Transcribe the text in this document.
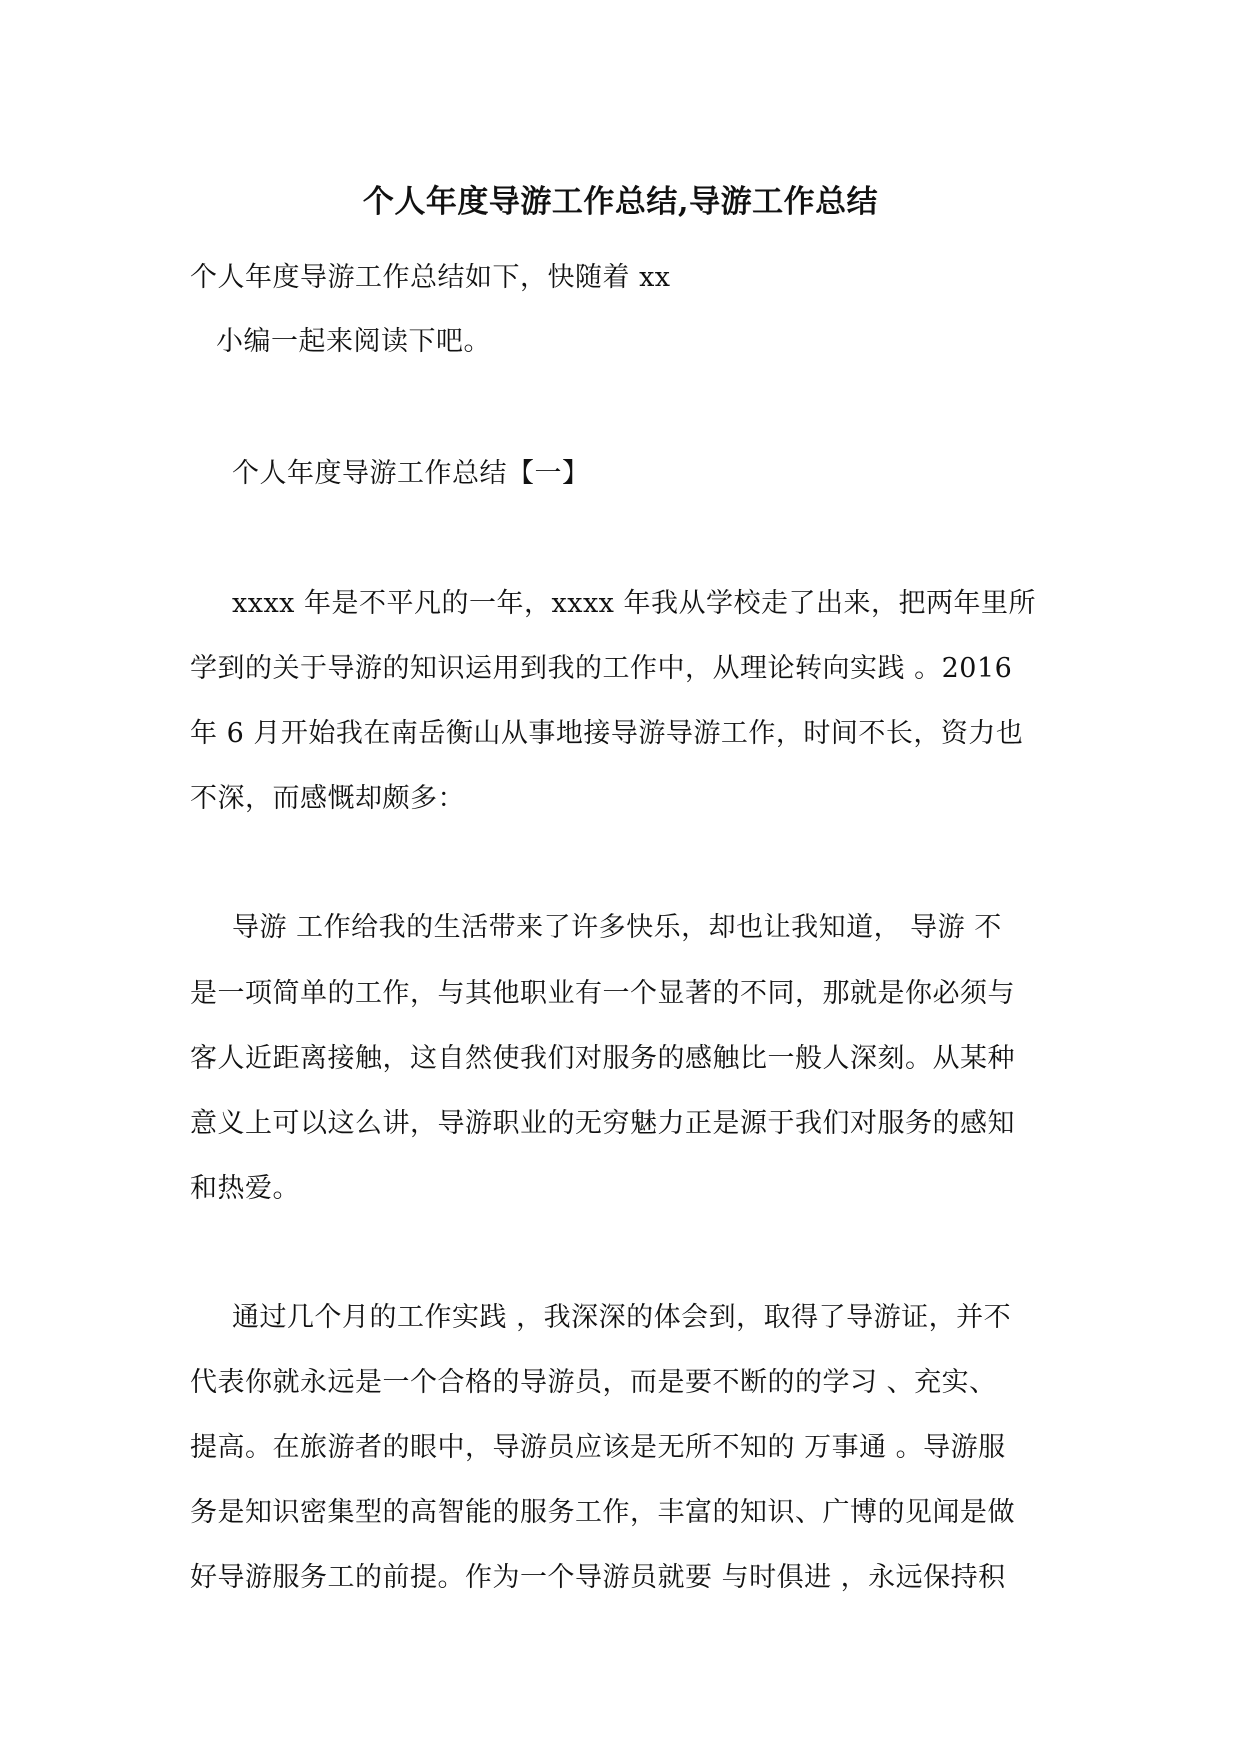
个人年度导游工作总结,导游工作总结
个人年度导游工作总结如下，快随着 xx
小编一起来阅读下吧。
个人年度导游工作总结【一】
xxxx 年是不平凡的一年，xxxx 年我从学校走了出来，把两年里所
学到的关于导游的知识运用到我的工作中，从理论转向实践 。2016
年 6 月开始我在南岳衡山从事地接导游导游工作，时间不长，资力也
不深，而感慨却颇多：
导游 工作给我的生活带来了许多快乐，却也让我知道， 导游 不
是一项简单的工作，与其他职业有一个显著的不同，那就是你必须与
客人近距离接触，这自然使我们对服务的感触比一般人深刻。从某种
意义上可以这么讲，导游职业的无穷魅力正是源于我们对服务的感知
和热爱。
通过几个月的工作实践 ，我深深的体会到，取得了导游证，并不
代表你就永远是一个合格的导游员，而是要不断的的学习 、充实、
提高。在旅游者的眼中，导游员应该是无所不知的 万事通 。导游服
务是知识密集型的高智能的服务工作，丰富的知识、广博的见闻是做
好导游服务工的前提。作为一个导游员就要 与时俱进 ，永远保持积
